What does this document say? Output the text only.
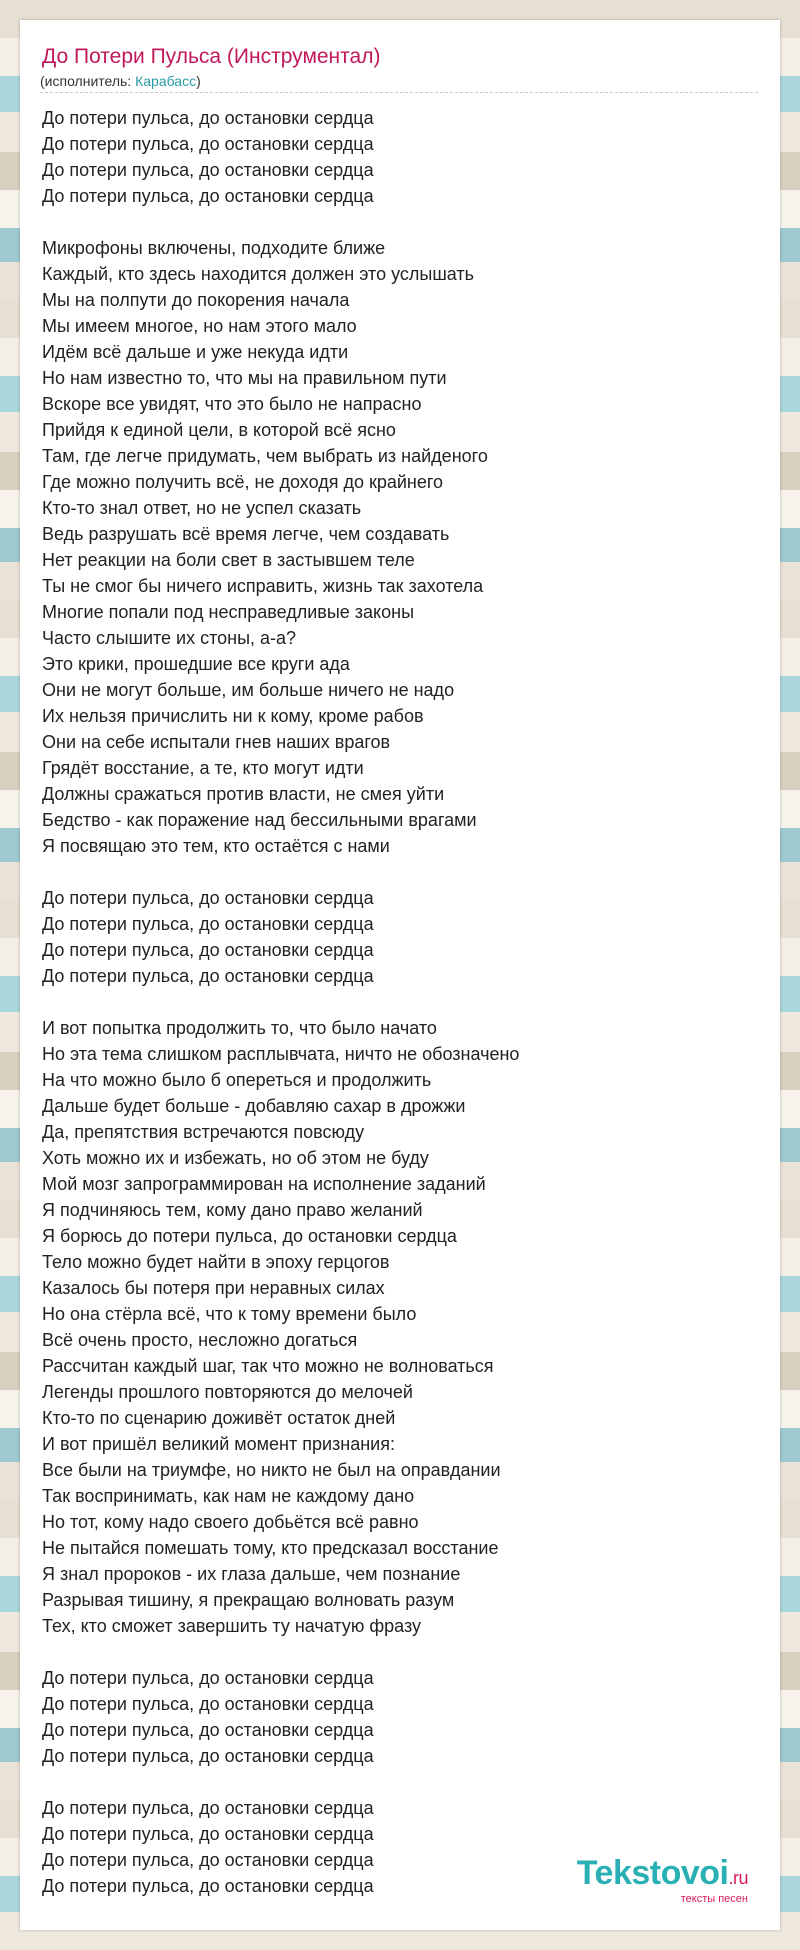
До Потери Пульса (Инструментал)
(исполнитель: Карабасс)
До потери пульса, до остановки сердца
До потери пульса, до остановки сердца
До потери пульса, до остановки сердца
До потери пульса, до остановки сердца
Микрофоны включены, подходите ближе
Каждый, кто здесь находится должен это услышать
Мы на полпути до покорения начала
Мы имеем многое, но нам этого мало
Идём всё дальше и уже некуда идти
Но нам известно то, что мы на правильном пути
Вскоре все увидят, что это было не напрасно
Прийдя к единой цели, в которой всё ясно
Там, где легче придумать, чем выбрать из найденого
Где можно получить всё, не доходя до крайнего
Кто-то знал ответ, но не успел сказать
Ведь разрушать всё время легче, чем создавать
Нет реакции на боли свет в застывшем теле
Ты не смог бы ничего исправить, жизнь так захотела
Многие попали под несправедливые законы
Часто слышите их стоны, а-а?
Это крики, прошедшие все круги ада
Они не могут больше, им больше ничего не надо
Их нельзя причислить ни к кому, кроме рабов
Они на себе испытали гнев наших врагов
Грядёт восстание, а те, кто могут идти
Должны сражаться против власти, не смея уйти
Бедство - как поражение над бессильными врагами
Я посвящаю это тем, кто остаётся с нами
До потери пульса, до остановки сердца
До потери пульса, до остановки сердца
До потери пульса, до остановки сердца
До потери пульса, до остановки сердца
И вот попытка продолжить то, что было начато
Но эта тема слишком расплывчата, ничто не обозначено
На что можно было б опереться и продолжить
Дальше будет больше - добавляю сахар в дрожжи
Да, препятствия встречаются повсюду
Хоть можно их и избежать, но об этом не буду
Мой мозг запрограммирован на исполнение заданий
Я подчиняюсь тем, кому дано право желаний
Я борюсь до потери пульса, до остановки сердца
Тело можно будет найти в эпоху герцогов
Казалось бы потеря при неравных силах
Но она стёрла всё, что к тому времени было
Всё очень просто, несложно догаться
Рассчитан каждый шаг, так что можно не волноваться
Легенды прошлого повторяются до мелочей
Кто-то по сценарию доживёт остаток дней
И вот пришёл великий момент признания:
Все были на триумфе, но никто не был на оправдании
Так воспринимать, как нам не каждому дано
Но тот, кому надо своего добьётся всё равно
Не пытайся помешать тому, кто предсказал восстание
Я знал пророков - их глаза дальше, чем познание
Разрывая тишину, я прекращаю волновать разум
Тех, кто сможет завершить ту начатую фразу
До потери пульса, до остановки сердца
До потери пульса, до остановки сердца
До потери пульса, до остановки сердца
До потери пульса, до остановки сердца
До потери пульса, до остановки сердца
До потери пульса, до остановки сердца
До потери пульса, до остановки сердца
До потери пульса, до остановки сердца	Tekstovoi.ru
тексты песен
